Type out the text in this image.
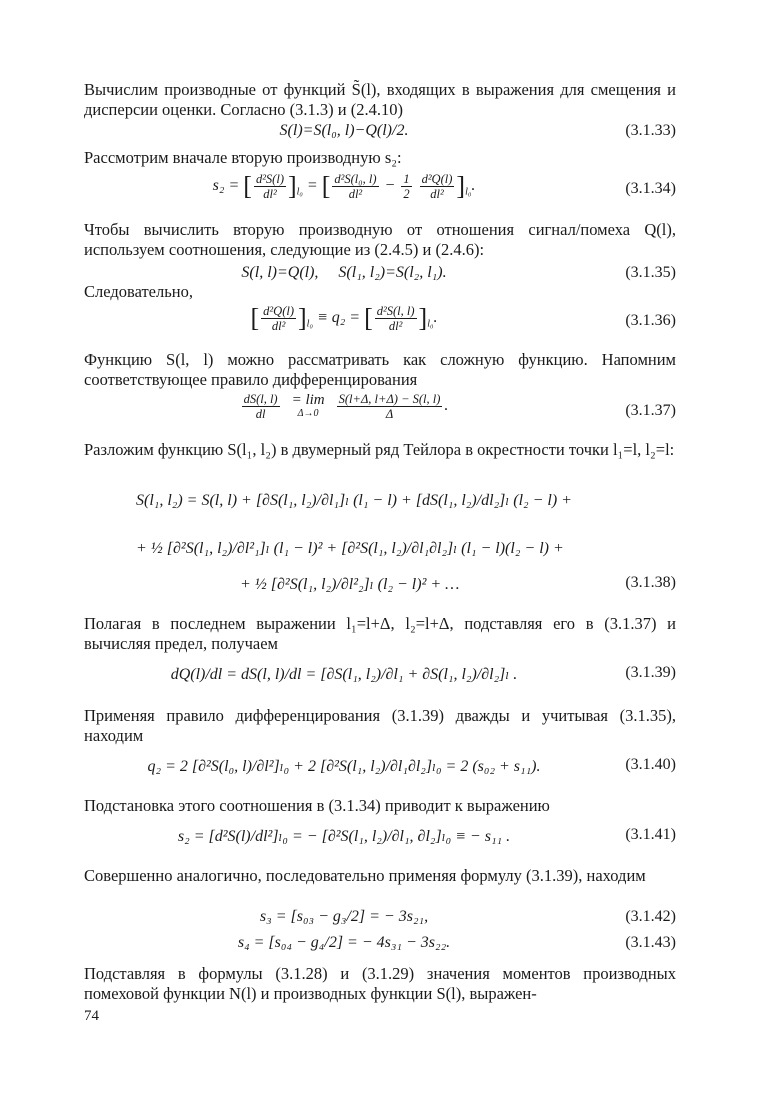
Вычислим производные от функций S̃(l), входящих в выражения для смещения и дисперсии оценки. Согласно (3.1.3) и (2.4.10)

S(l)=S(l₀, l)−Q(l)/2.	(3.1.33)

Рассмотрим вначале вторую производную s₂:

s₂ = [ $\frac{\text{d²S(l)}}{\text{dl²}} ]_{l_0}$ = [ $\frac{\text{d²S(l₀, l)}}{\text{dl²}} - \frac{1}{2}$
$\frac{\text{d²Q(l)}}{\text{dl²}} ]_{l_0}$.	(3.1.34)

Чтобы вычислить вторую производную от отношения сигнал/помеха Q(l), используем соотношения, следующие из (2.4.5) и (2.4.6):

S(l, l)=Q(l),     S(l₁, l₂)=S(l₂, l₁).	(3.1.35)

Следовательно,

[ $\frac{\text{d²Q(l)}}{\text{dl²}} ]_{l_0} \equiv q_2$ = [ $\frac{\text{d²S(l, l)}}{\text{dl²}} ]_{l_0}$.	(3.1.36)

Функцию S(l, l) можно рассматривать как сложную функцию. Напомним соответствующее правило дифференцирования

$\frac{dS(l, l)}{dl}$
= lim
Δ→0
	$\frac{S(l+\Delta, l+\Delta) - S(l, l)}{\Delta}$ .	(3.1.37)

Разложим функцию S(l₁, l₂) в двумерный ряд Тейлора в окрестности точки l₁=l, l₂=l:

S(l₁, l₂) = S(l, l) + [∂S(l₁, l₂)/∂l₁]ₗ (l₁ − l) + [dS(l₁, l₂)/dl₂]ₗ (l₂ − l) +
+ ½ [∂²S(l₁, l₂)/∂l²₁]ₗ (l₁ − l)² + [∂²S(l₁, l₂)/∂l₁∂l₂]ₗ (l₁ − l)(l₂ − l) +
+ ½ [∂²S(l₁, l₂)/∂l²₂]ₗ (l₂ − l)² + …	(3.1.38)

Полагая в последнем выражении l₁=l+Δ, l₂=l+Δ, подставляя его в (3.1.37) и вычисляя предел, получаем

dQ(l)/dl = dS(l, l)/dl = [∂S(l₁, l₂)/∂l₁ + ∂S(l₁, l₂)/∂l₂]ₗ .	(3.1.39)

Применяя правило дифференцирования (3.1.39) дважды и учитывая (3.1.35), находим

q₂ = 2 [∂²S(l₀, l)/∂l²]ₗ₀ + 2 [∂²S(l₁, l₂)/∂l₁∂l₂]ₗ₀ = 2 (s₀₂ + s₁₁).	(3.1.40)

Подстановка этого соотношения в (3.1.34) приводит к выражению

s₂ = [d²S(l)/dl²]ₗ₀ = − [∂²S(l₁, l₂)/∂l₁, ∂l₂]ₗ₀ ≡ − s₁₁ .	(3.1.41)

Совершенно аналогично, последовательно применяя формулу (3.1.39), находим

s₃ = [s₀₃ − g₃/2] = − 3s₂₁,	(3.1.42)
s₄ = [s₀₄ − g₄/2] = − 4s₃₁ − 3s₂₂.	(3.1.43)

Подставляя в формулы (3.1.28) и (3.1.29) значения моментов производных помеховой функции N(l) и производных функции S(l), выражен-

74
